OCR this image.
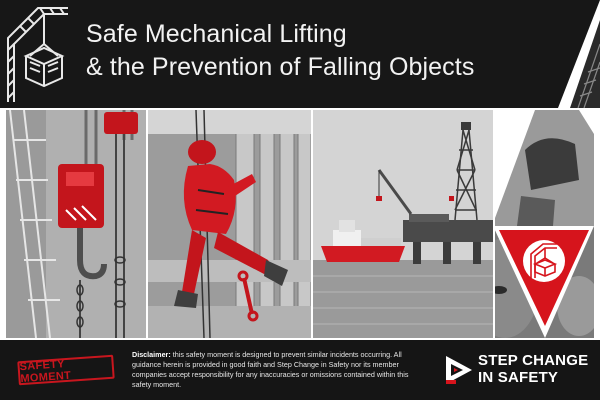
Safe Mechanical Lifting
& the Prevention of Falling Objects
SAFETY MOMENT

Disclaimer: this safety moment is designed to prevent similar incidents occurring. All guidance herein is provided in good faith and Step Change in Safety nor its member companies accept responsibility for any inaccuracies or omissions contained within this safety moment.

STEP CHANGE
IN SAFETY
